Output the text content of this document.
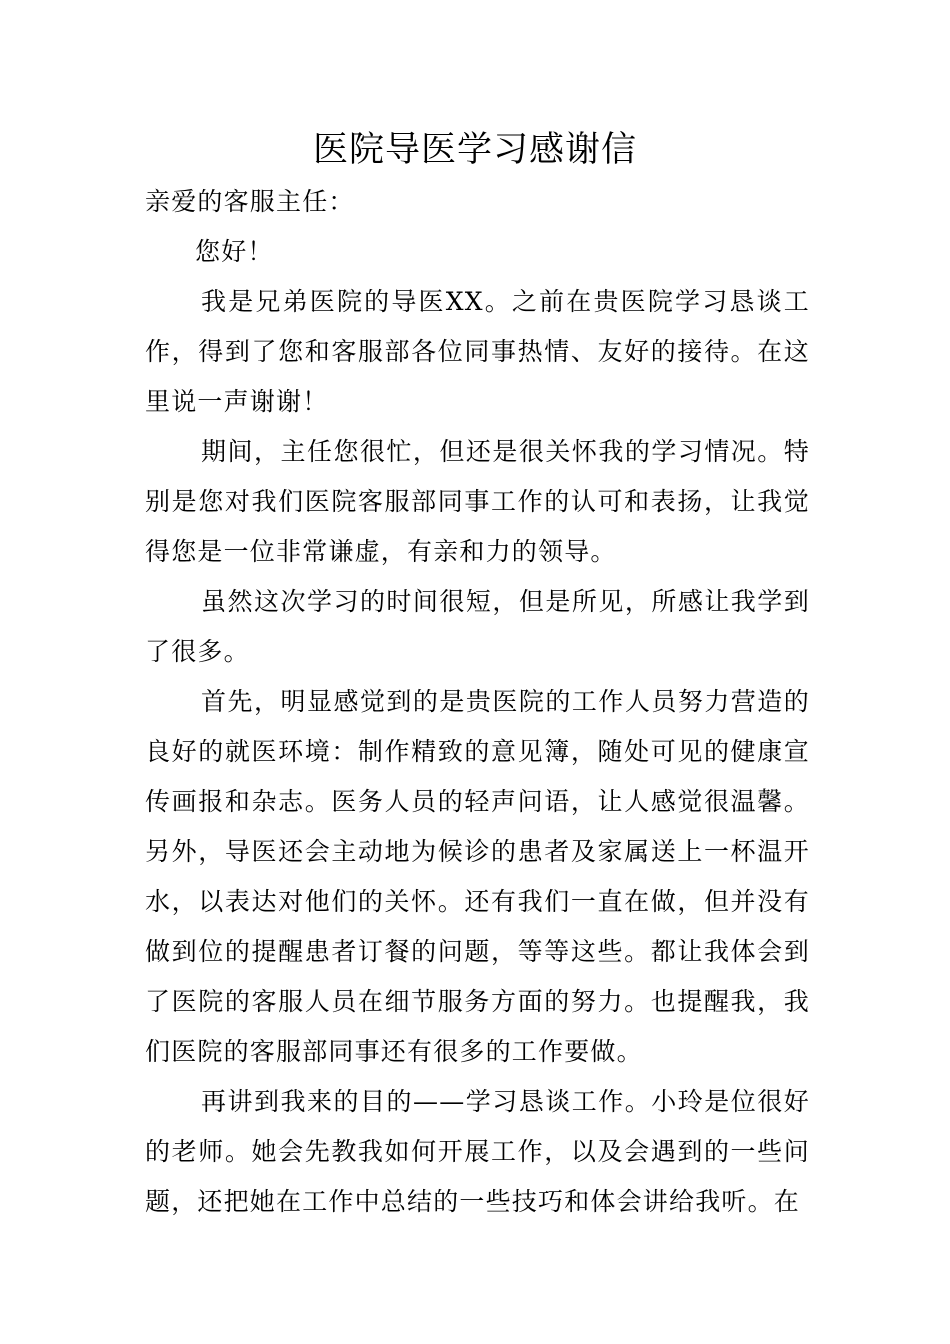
医院导医学习感谢信

亲爱的客服主任：

您好！

我是兄弟医院的导医XX。之前在贵医院学习恳谈工作，得到了您和客服部各位同事热情、友好的接待。在这里说一声谢谢！

期间，主任您很忙，但还是很关怀我的学习情况。特别是您对我们医院客服部同事工作的认可和表扬，让我觉得您是一位非常谦虚，有亲和力的领导。

虽然这次学习的时间很短，但是所见，所感让我学到了很多。

首先，明显感觉到的是贵医院的工作人员努力营造的良好的就医环境：制作精致的意见簿，随处可见的健康宣传画报和杂志。医务人员的轻声问语，让人感觉很温馨。另外，导医还会主动地为候诊的患者及家属送上一杯温开水，以表达对他们的关怀。还有我们一直在做，但并没有做到位的提醒患者订餐的问题，等等这些。都让我体会到了医院的客服人员在细节服务方面的努力。也提醒我，我们医院的客服部同事还有很多的工作要做。

再讲到我来的目的——学习恳谈工作。小玲是位很好的老师。她会先教我如何开展工作，以及会遇到的一些问题，还把她在工作中总结的一些技巧和体会讲给我听。在
